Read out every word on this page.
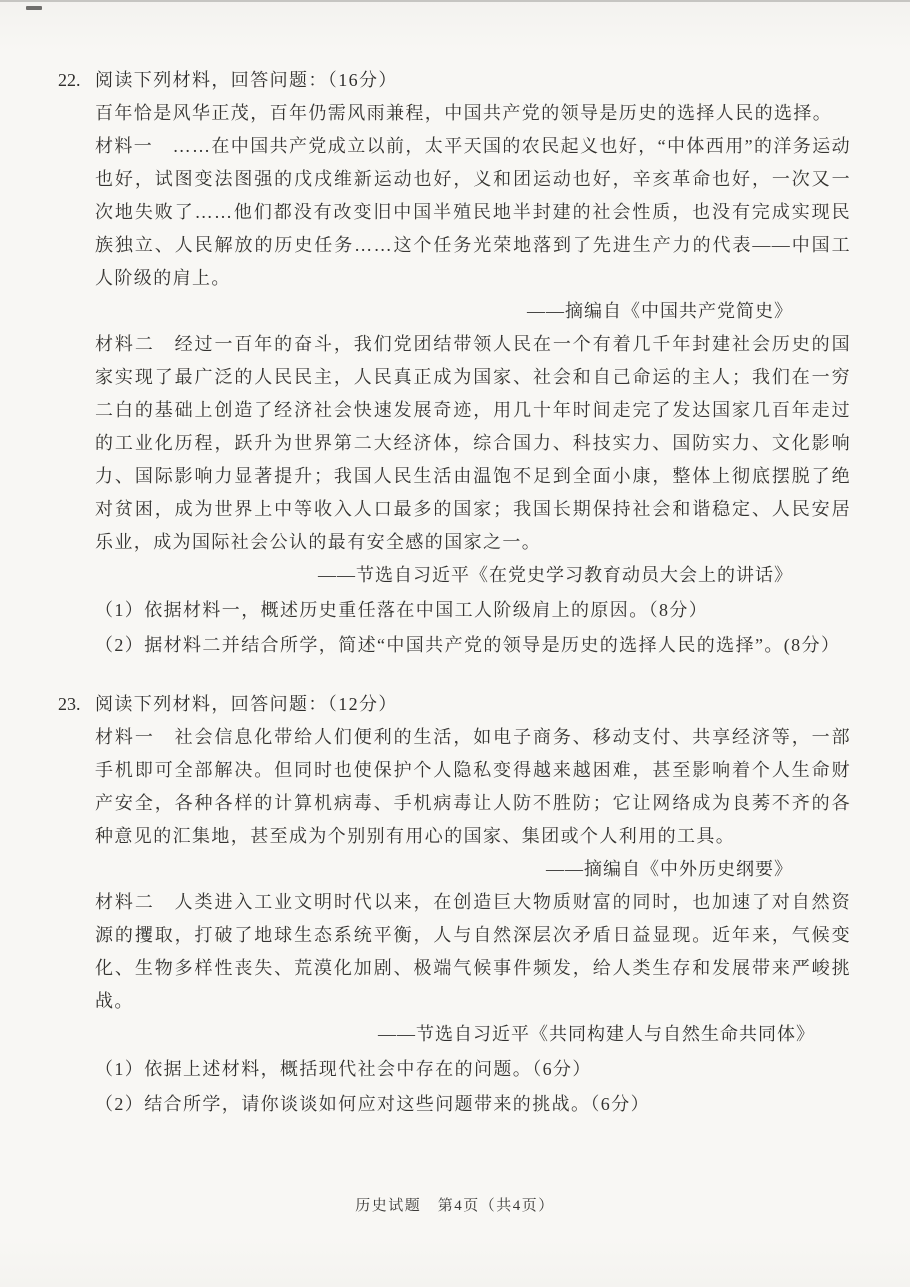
22. 阅读下列材料，回答问题：（16分）

百年恰是风华正茂，百年仍需风雨兼程，中国共产党的领导是历史的选择人民的选择。

材料一　……在中国共产党成立以前，太平天国的农民起义也好，“中体西用”的洋务运动也好，试图变法图强的戊戌维新运动也好，义和团运动也好，辛亥革命也好，一次又一次地失败了……他们都没有改变旧中国半殖民地半封建的社会性质，也没有完成实现民族独立、人民解放的历史任务……这个任务光荣地落到了先进生产力的代表——中国工人阶级的肩上。

——摘编自《中国共产党简史》

材料二　经过一百年的奋斗，我们党团结带领人民在一个有着几千年封建社会历史的国家实现了最广泛的人民民主，人民真正成为国家、社会和自己命运的主人；我们在一穷二白的基础上创造了经济社会快速发展奇迹，用几十年时间走完了发达国家几百年走过的工业化历程，跃升为世界第二大经济体，综合国力、科技实力、国防实力、文化影响力、国际影响力显著提升；我国人民生活由温饱不足到全面小康，整体上彻底摆脱了绝对贫困，成为世界上中等收入人口最多的国家；我国长期保持社会和谐稳定、人民安居乐业，成为国际社会公认的最有安全感的国家之一。

——节选自习近平《在党史学习教育动员大会上的讲话》

（1）依据材料一，概述历史重任落在中国工人阶级肩上的原因。（8分）

（2）据材料二并结合所学，简述“中国共产党的领导是历史的选择人民的选择”。(8分）

23. 阅读下列材料，回答问题：（12分）

材料一　社会信息化带给人们便利的生活，如电子商务、移动支付、共享经济等，一部手机即可全部解决。但同时也使保护个人隐私变得越来越困难，甚至影响着个人生命财产安全，各种各样的计算机病毒、手机病毒让人防不胜防；它让网络成为良莠不齐的各种意见的汇集地，甚至成为个别别有用心的国家、集团或个人利用的工具。

——摘编自《中外历史纲要》

材料二　人类进入工业文明时代以来，在创造巨大物质财富的同时，也加速了对自然资源的攫取，打破了地球生态系统平衡，人与自然深层次矛盾日益显现。近年来，气候变化、生物多样性丧失、荒漠化加剧、极端气候事件频发，给人类生存和发展带来严峻挑战。

——节选自习近平《共同构建人与自然生命共同体》

（1）依据上述材料，概括现代社会中存在的问题。（6分）

（2）结合所学，请你谈谈如何应对这些问题带来的挑战。（6分）

历史试题　第4页（共4页）
